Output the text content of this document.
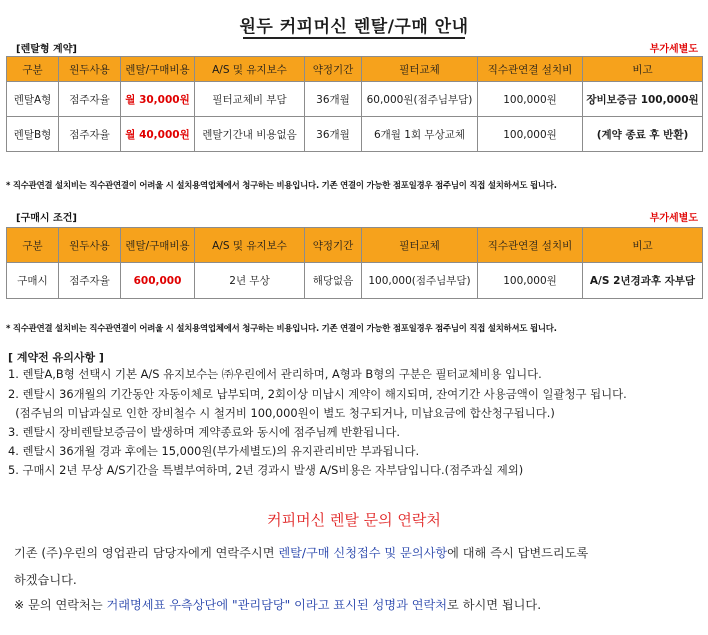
원두 커피머신 렌탈/구매 안내
[렌탈형 계약]	부가세별도
구분	원두사용	렌탈/구매비용	A/S 및 유지보수	약정기간	필터교체	직수관연결 설치비	비고
렌탈A형	점주자율	월 30,000원	필터교체비 부담	36개월	60,000원(점주님부담)	100,000원	장비보증금 100,000원
렌탈B형	점주자율	월 40,000원	렌탈기간내 비용없음	36개월	6개월 1회 무상교체	100,000원	(계약 종료 후 반환)
* 직수관연결 설치비는 직수관연결이 어려울 시 설치용역업체에서 청구하는 비용입니다. 기존 연결이 가능한 점포일경우 점주님이 직접 설치하셔도 됩니다.
[구매시 조건]	부가세별도
구분	원두사용	렌탈/구매비용	A/S 및 유지보수	약정기간	필터교체	직수관연결 설치비	비고
구매시	점주자율	600,000	2년 무상	해당없음	100,000(점주님부담)	100,000원	A/S 2년경과후 자부담
* 직수관연결 설치비는 직수관연결이 어려울 시 설치용역업체에서 청구하는 비용입니다. 기존 연결이 가능한 점포일경우 점주님이 직접 설치하셔도 됩니다.
[ 계약전 유의사항 ]
1. 렌탈A,B형 선택시 기본 A/S 유지보수는 ㈜우린에서 관리하며, A형과 B형의 구분은 필터교체비용 입니다.
2. 렌탈시 36개월의 기간동안 자동이체로 납부되며, 2회이상 미납시 계약이 해지되며, 잔여기간 사용금액이 일괄청구 됩니다.
(점주님의 미납과실로 인한 장비철수 시 철거비 100,000원이 별도 청구되거나, 미납요금에 합산청구됩니다.)
3. 렌탈시 장비렌탈보증금이 발생하며 계약종료와 동시에 점주님께 반환됩니다.
4. 렌탈시 36개월 경과 후에는 15,000원(부가세별도)의 유지관리비만 부과됩니다.
5. 구매시 2년 무상 A/S기간을 특별부여하며, 2년 경과시 발생 A/S비용은 자부담입니다.(점주과실 제외)
커피머신 렌탈 문의 연락처
기존 (주)우린의 영업관리 담당자에게 연락주시면 렌탈/구매 신청접수 및 문의사항에 대해 즉시 답변드리도록
하겠습니다.
※ 문의 연락처는 거래명세표 우측상단에 "관리담당" 이라고 표시된 성명과 연락처로 하시면 됩니다.
